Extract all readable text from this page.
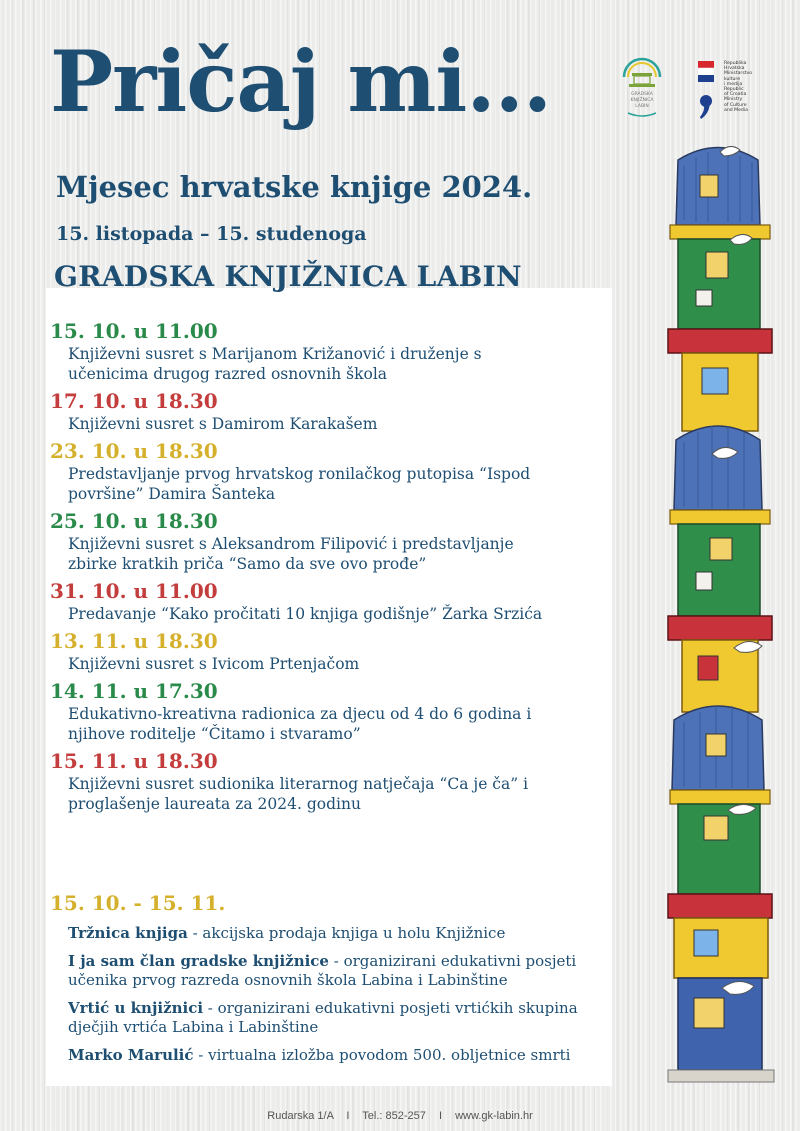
Pričaj mi...
Mjesec hrvatske knjige 2024.
15. listopada – 15. studenoga
GRADSKA KNJIŽNICA LABIN
15. 10. u 11.00
Književni susret s Marijanom Križanović i druženje s
učenicima drugog razred osnovnih škola
17. 10. u 18.30
Književni susret s Damirom Karakašem
23. 10. u 18.30
Predstavljanje prvog hrvatskog ronilačkog putopisa “Ispod
površine” Damira Šanteka
25. 10. u 18.30
Književni susret s Aleksandrom Filipović i predstavljanje
zbirke kratkih priča “Samo da sve ovo prođe”
31. 10. u 11.00
Predavanje “Kako pročitati 10 knjiga godišnje” Žarka Srzića
13. 11. u 18.30
Književni susret s Ivicom Prtenjačom
14. 11. u 17.30
Edukativno-kreativna radionica za djecu od 4 do 6 godina i
njihove roditelje “Čitamo i stvaramo”
15. 11. u 18.30
Književni susret sudionika literarnog natječaja “Ca je ča” i
proglašenje laureata za 2024. godinu
15. 10. - 15. 11.
Tržnica knjiga - akcijska prodaja knjiga u holu Knjižnice
I ja sam član gradske knjižnice - organizirani edukativni posjeti
učenika prvog razreda osnovnih škola Labina i Labinštine
Vrtić u knjižnici - organizirani edukativni posjeti vrtićkih skupina
dječjih vrtića Labina i Labinštine
Marko Marulić - virtualna izložba povodom 500. obljetnice smrti
GRADSKA
KNJIŽNICA
LABIN
Republika
Hrvatska
Ministarstvo
kulture
i medija
Republic
of Croatia
Ministry
of Culture
and Media
Rudarska 1/A I Tel.: 852-257 I www.gk-labin.hr
